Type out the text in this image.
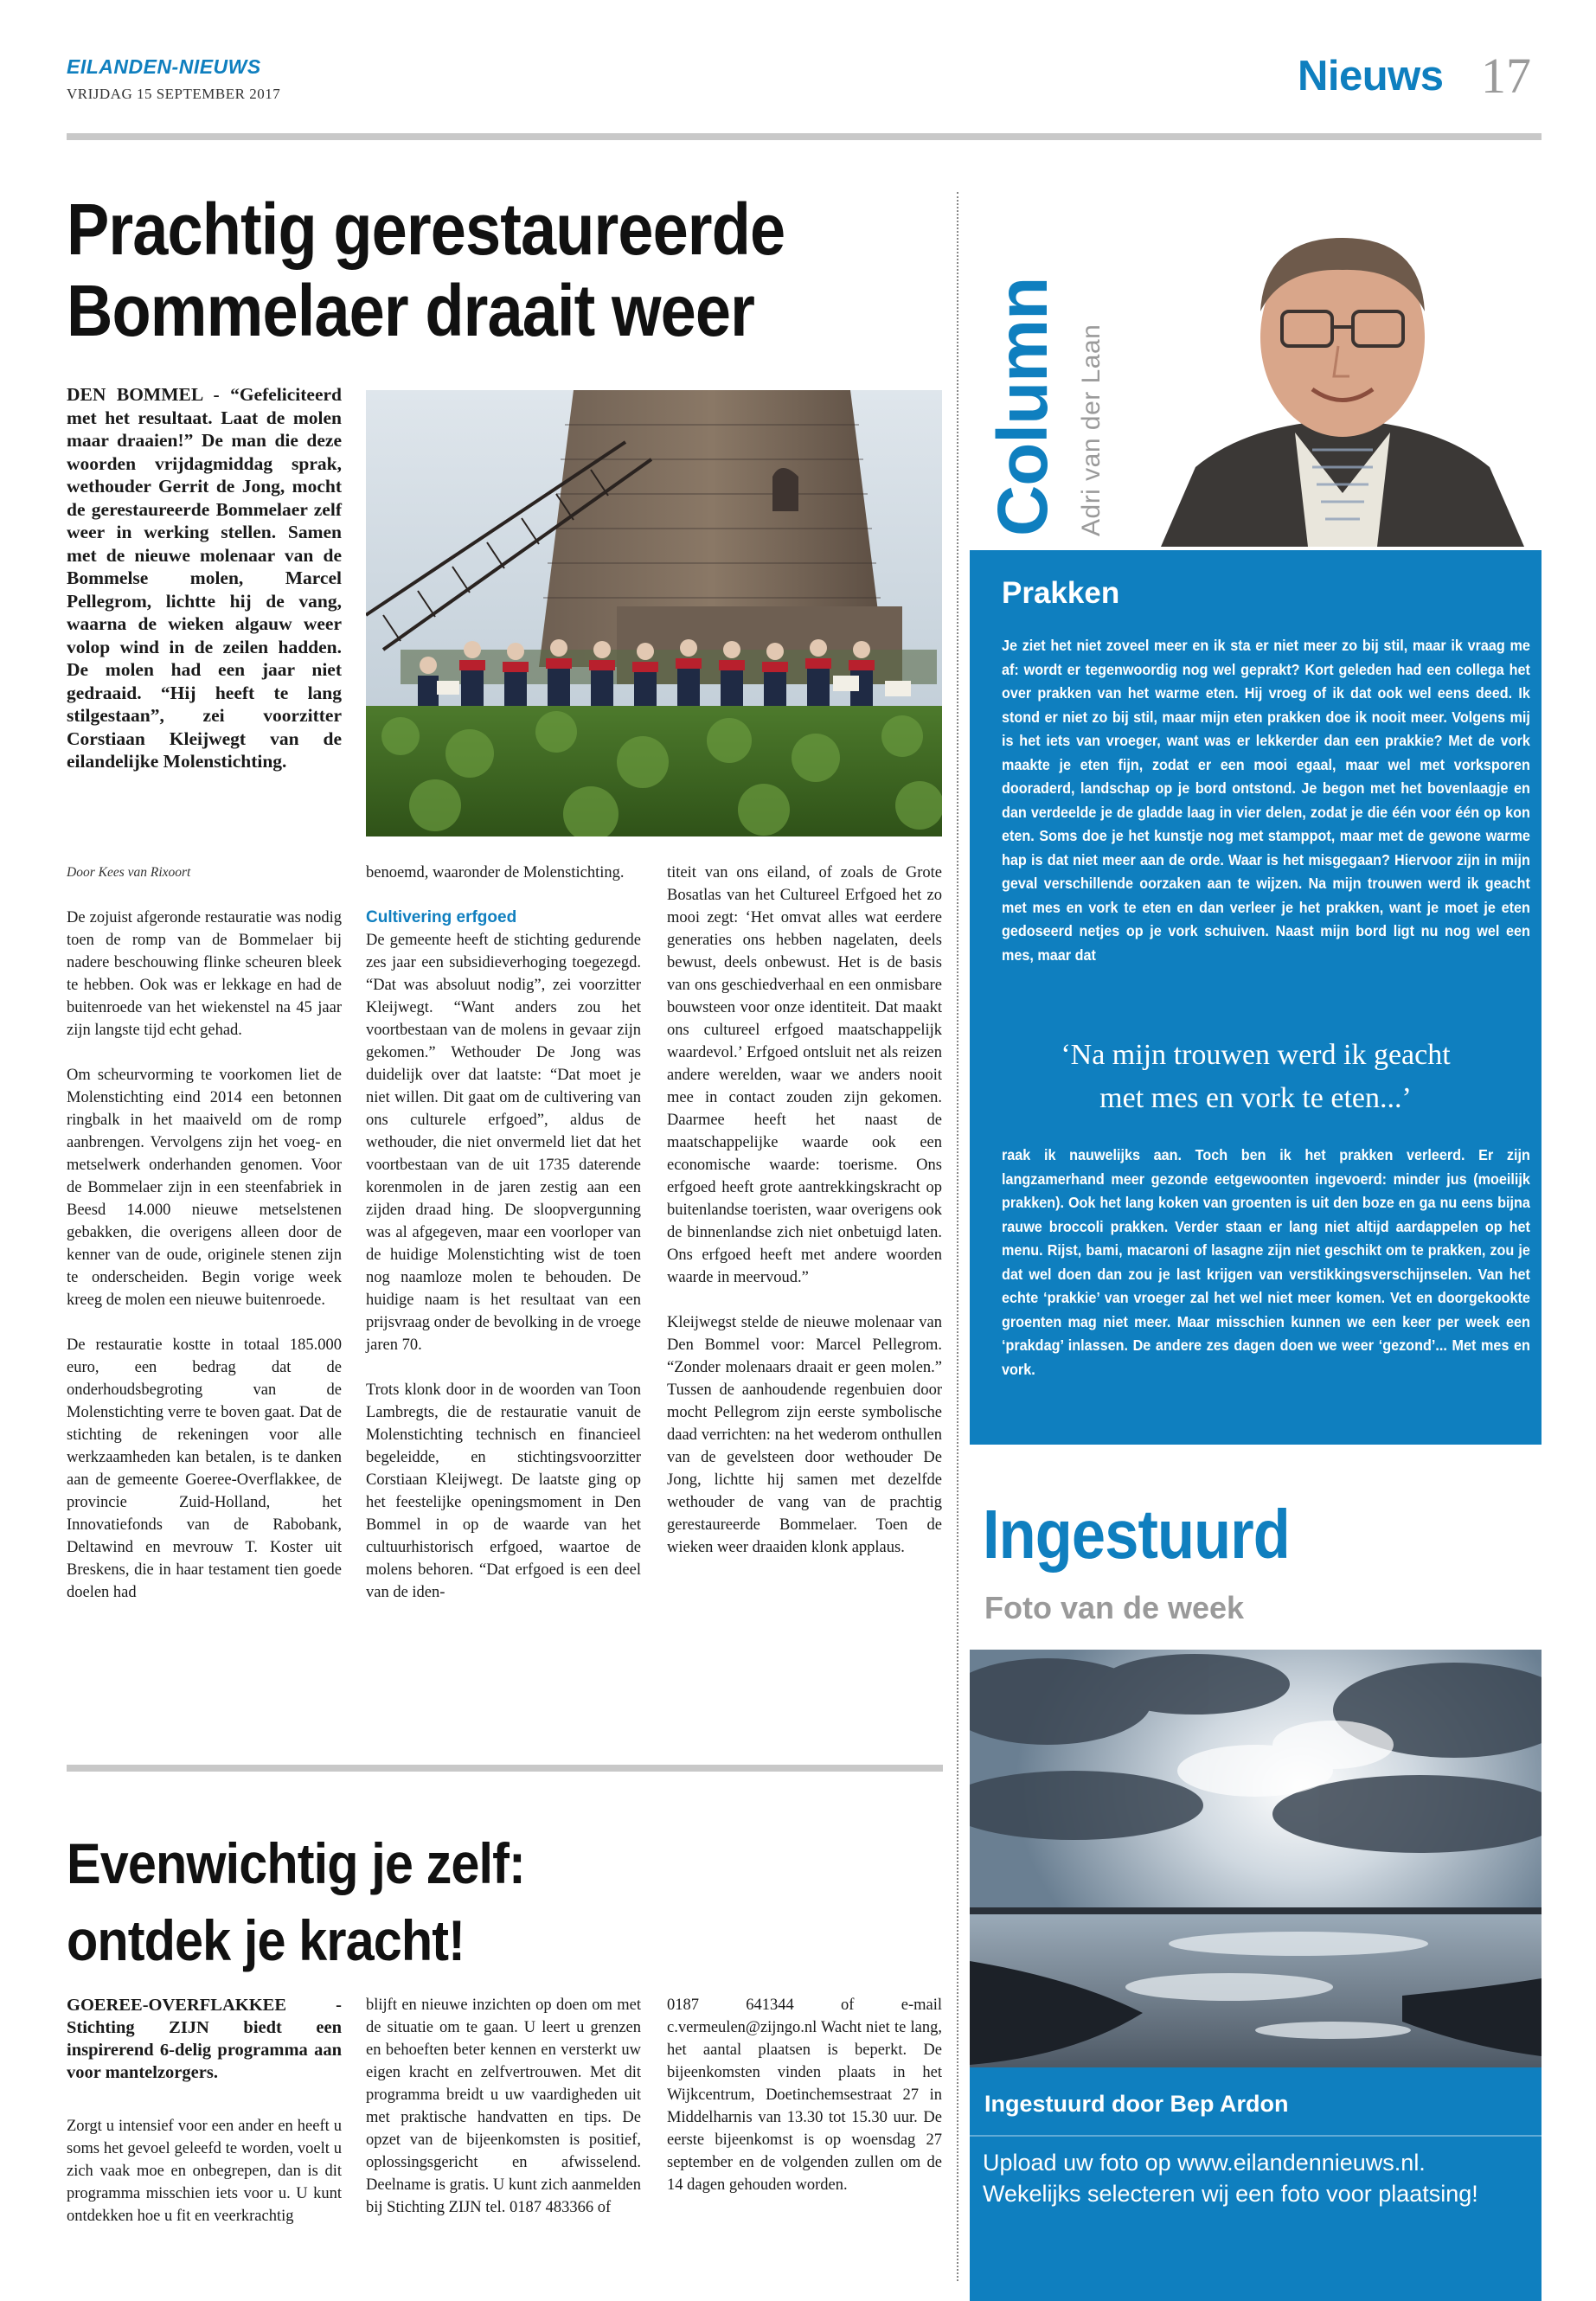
EILANDEN-NIEUWS
VRIJDAG 15 SEPTEMBER 2017	Nieuws 17
Prachtig gerestaureerde
Bommelaer draait weer
DEN BOMMEL - “Gefeliciteerd met het resultaat. Laat de molen maar draaien!” De man die deze woorden vrijdagmiddag sprak, wethouder Gerrit de Jong, mocht de gerestaureerde Bommelaer zelf weer in werking stellen. Samen met de nieuwe molenaar van de Bommelse molen, Marcel Pellegrom, lichtte hij de vang, waarna de wieken algauw weer volop wind in de zeilen hadden. De molen had een jaar niet gedraaid. “Hij heeft te lang stilgestaan”, zei voorzitter Corstiaan Kleijwegt van de eilandelijke Molenstichting.
Door Kees van Rixoort

De zojuist afgeronde restauratie was nodig toen de romp van de Bommelaer bij nadere beschouwing flinke scheuren bleek te hebben. Ook was er lekkage en had de buitenroede van het wiekenstel na 45 jaar zijn langste tijd echt gehad.

Om scheurvorming te voorkomen liet de Molenstichting eind 2014 een betonnen ringbalk in het maaiveld om de romp aanbrengen. Vervolgens zijn het voeg- en metselwerk onderhanden genomen. Voor de Bommelaer zijn in een steenfabriek in Beesd 14.000 nieuwe metselstenen gebakken, die overigens alleen door de kenner van de oude, originele stenen zijn te onderscheiden. Begin vorige week kreeg de molen een nieuwe buitenroede.

De restauratie kostte in totaal 185.000 euro, een bedrag dat de onderhoudsbegroting van de Molenstichting verre te boven gaat. Dat de stichting de rekeningen voor alle werkzaamheden kan betalen, is te danken aan de gemeente Goeree-Overflakkee, de provincie Zuid-Holland, het Innovatiefonds van de Rabobank, Deltawind en mevrouw T. Koster uit Breskens, die in haar testament tien goede doelen had

benoemd, waaronder de Molenstichting.

Cultivering erfgoed

De gemeente heeft de stichting gedurende zes jaar een subsidieverhoging toegezegd. “Dat was absoluut nodig”, zei voorzitter Kleijwegt. “Want anders zou het voortbestaan van de molens in gevaar zijn gekomen.” Wethouder De Jong was duidelijk over dat laatste: “Dat moet je niet willen. Dit gaat om de cultivering van ons culturele erfgoed”, aldus de wethouder, die niet onvermeld liet dat het voortbestaan van de uit 1735 daterende korenmolen in de jaren zestig aan een zijden draad hing. De sloopvergunning was al afgegeven, maar een voorloper van de huidige Molenstichting wist de toen nog naamloze molen te behouden. De huidige naam is het resultaat van een prijsvraag onder de bevolking in de vroege jaren 70.

Trots klonk door in de woorden van Toon Lambregts, die de restauratie vanuit de Molenstichting technisch en financieel begeleidde, en stichtingsvoorzitter Corstiaan Kleijwegt. De laatste ging op het feestelijke openingsmoment in Den Bommel in op de waarde van het cultuurhistorisch erfgoed, waartoe de molens behoren. “Dat erfgoed is een deel van de iden-

titeit van ons eiland, of zoals de Grote Bosatlas van het Cultureel Erfgoed het zo mooi zegt: ‘Het omvat alles wat eerdere generaties ons hebben nagelaten, deels bewust, deels onbewust. Het is de basis van ons geschiedverhaal en een onmisbare bouwsteen voor onze identiteit. Dat maakt ons cultureel erfgoed maatschappelijk waardevol.’ Erfgoed ontsluit net als reizen andere werelden, waar we anders nooit mee in contact zouden zijn gekomen. Daarmee heeft het naast de maatschappelijke waarde ook een economische waarde: toerisme. Ons erfgoed heeft grote aantrekkingskracht op buitenlandse toeristen, waar overigens ook de binnenlandse zich niet onbetuigd laten. Ons erfgoed heeft met andere woorden waarde in meervoud.”

Kleijwegst stelde de nieuwe molenaar van Den Bommel voor: Marcel Pellegrom. “Zonder molenaars draait er geen molen.” Tussen de aanhoudende regenbuien door mocht Pellegrom zijn eerste symbolische daad verrichten: na het wederom onthullen van de gevelsteen door wethouder De Jong, lichtte hij samen met dezelfde wethouder de vang van de prachtig gerestaureerde Bommelaer. Toen de wieken weer draaiden klonk applaus.

Evenwichtig je zelf:
ontdek je kracht!
GOEREE-OVERFLAKKEE - Stichting ZIJN biedt een inspirerend 6-delig programma aan voor mantelzorgers.

Zorgt u intensief voor een ander en heeft u soms het gevoel geleefd te worden, voelt u zich vaak moe en onbegrepen, dan is dit programma misschien iets voor u. U kunt ontdekken hoe u fit en veerkrachtig

blijft en nieuwe inzichten op doen om met de situatie om te gaan. U leert u grenzen en behoeften beter kennen en versterkt uw eigen kracht en zelfvertrouwen. Met dit programma breidt u uw vaardigheden uit met praktische handvatten en tips. De opzet van de bijeenkomsten is positief, oplossingsgericht en afwisselend. Deelname is gratis. U kunt zich aanmelden bij Stichting ZIJN tel. 0187 483366 of

0187 641344 of e-mail c.vermeulen@zijngo.nl Wacht niet te lang, het aantal plaatsen is beperkt. De bijeenkomsten vinden plaats in het Wijkcentrum, Doetinchemsestraat 27 in Middelharnis van 13.30 tot 15.30 uur. De eerste bijeenkomst is op woensdag 27 september en de volgenden zullen om de 14 dagen gehouden worden.

Column Adri van der Laan
Prakken
Je ziet het niet zoveel meer en ik sta er niet meer zo bij stil, maar ik vraag me af: wordt er tegenwoordig nog wel geprakt? Kort geleden had een collega het over prakken van het warme eten. Hij vroeg of ik dat ook wel eens deed. Ik stond er niet zo bij stil, maar mijn eten prakken doe ik nooit meer. Volgens mij is het iets van vroeger, want was er lekkerder dan een prakkie? Met de vork maakte je eten fijn, zodat er een mooi egaal, maar wel met vorksporen dooraderd, landschap op je bord ontstond. Je begon met het bovenlaagje en dan verdeelde je de gladde laag in vier delen, zodat je die één voor één op kon eten. Soms doe je het kunstje nog met stamppot, maar met de gewone warme hap is dat niet meer aan de orde. Waar is het misgegaan? Hiervoor zijn in mijn geval verschillende oorzaken aan te wijzen. Na mijn trouwen werd ik geacht met mes en vork te eten en dan verleer je het prakken, want je moet je eten gedoseerd netjes op je vork schuiven. Naast mijn bord ligt nu nog wel een mes, maar dat
‘Na mijn trouwen werd ik geacht
met mes en vork te eten...’
raak ik nauwelijks aan. Toch ben ik het prakken verleerd. Er zijn langzamerhand meer gezonde eetgewoonten ingevoerd: minder jus (moeilijk prakken). Ook het lang koken van groenten is uit den boze en ga nu eens bijna rauwe broccoli prakken. Verder staan er lang niet altijd aardappelen op het menu. Rijst, bami, macaroni of lasagne zijn niet geschikt om te prakken, zou je dat wel doen dan zou je last krijgen van verstikkingsverschijnselen. Van het echte ‘prakkie’ van vroeger zal het wel niet meer komen. Vet en doorgekookte groenten mag niet meer. Maar misschien kunnen we een keer per week een ‘prakdag’ inlassen. De andere zes dagen doen we weer ‘gezond’... Met mes en vork.
Ingestuurd
Foto van de week
Ingestuurd door Bep Ardon
Upload uw foto op www.eilandennieuws.nl.
Wekelijks selecteren wij een foto voor plaatsing!
